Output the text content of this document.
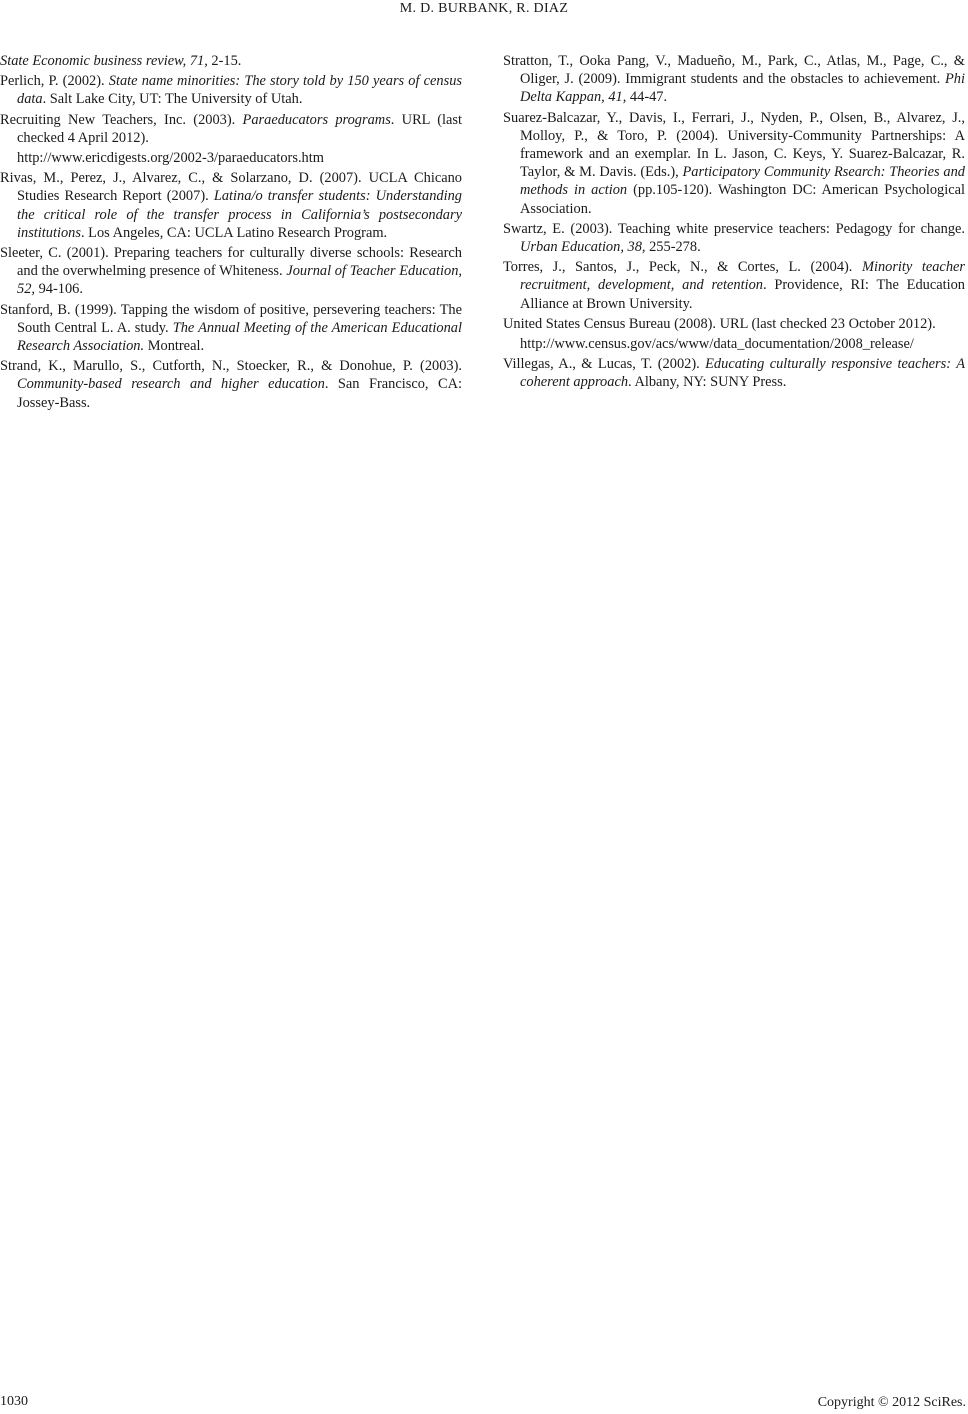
M. D. BURBANK, R. DIAZ

State Economic business review, 71, 2-15.

Perlich, P. (2002). State name minorities: The story told by 150 years of census data. Salt Lake City, UT: The University of Utah.

Recruiting New Teachers, Inc. (2003). Paraeducators programs. URL (last checked 4 April 2012).
http://www.ericdigests.org/2002-3/paraeducators.htm

Rivas, M., Perez, J., Alvarez, C., & Solarzano, D. (2007). UCLA Chicano Studies Research Report (2007). Latina/o transfer students: Understanding the critical role of the transfer process in California’s postsecondary institutions. Los Angeles, CA: UCLA Latino Research Program.

Sleeter, C. (2001). Preparing teachers for culturally diverse schools: Research and the overwhelming presence of Whiteness. Journal of Teacher Education, 52, 94-106.

Stanford, B. (1999). Tapping the wisdom of positive, persevering teachers: The South Central L. A. study. The Annual Meeting of the American Educational Research Association. Montreal.

Strand, K., Marullo, S., Cutforth, N., Stoecker, R., & Donohue, P. (2003). Community-based research and higher education. San Francisco, CA: Jossey-Bass.

Stratton, T., Ooka Pang, V., Madueño, M., Park, C., Atlas, M., Page, C., & Oliger, J. (2009). Immigrant students and the obstacles to achievement. Phi Delta Kappan, 41, 44-47.

Suarez-Balcazar, Y., Davis, I., Ferrari, J., Nyden, P., Olsen, B., Alvarez, J., Molloy, P., & Toro, P. (2004). University-Community Partnerships: A framework and an exemplar. In L. Jason, C. Keys, Y. Suarez-Balcazar, R. Taylor, & M. Davis. (Eds.), Participatory Community Rsearch: Theories and methods in action (pp.105-120). Washington DC: American Psychological Association.

Swartz, E. (2003). Teaching white preservice teachers: Pedagogy for change. Urban Education, 38, 255-278.

Torres, J., Santos, J., Peck, N., & Cortes, L. (2004). Minority teacher recruitment, development, and retention. Providence, RI: The Education Alliance at Brown University.

United States Census Bureau (2008). URL (last checked 23 October 2012).
http://www.census.gov/acs/www/data_documentation/2008_release/

Villegas, A., & Lucas, T. (2002). Educating culturally responsive teachers: A coherent approach. Albany, NY: SUNY Press.

1030	Copyright © 2012 SciRes.
